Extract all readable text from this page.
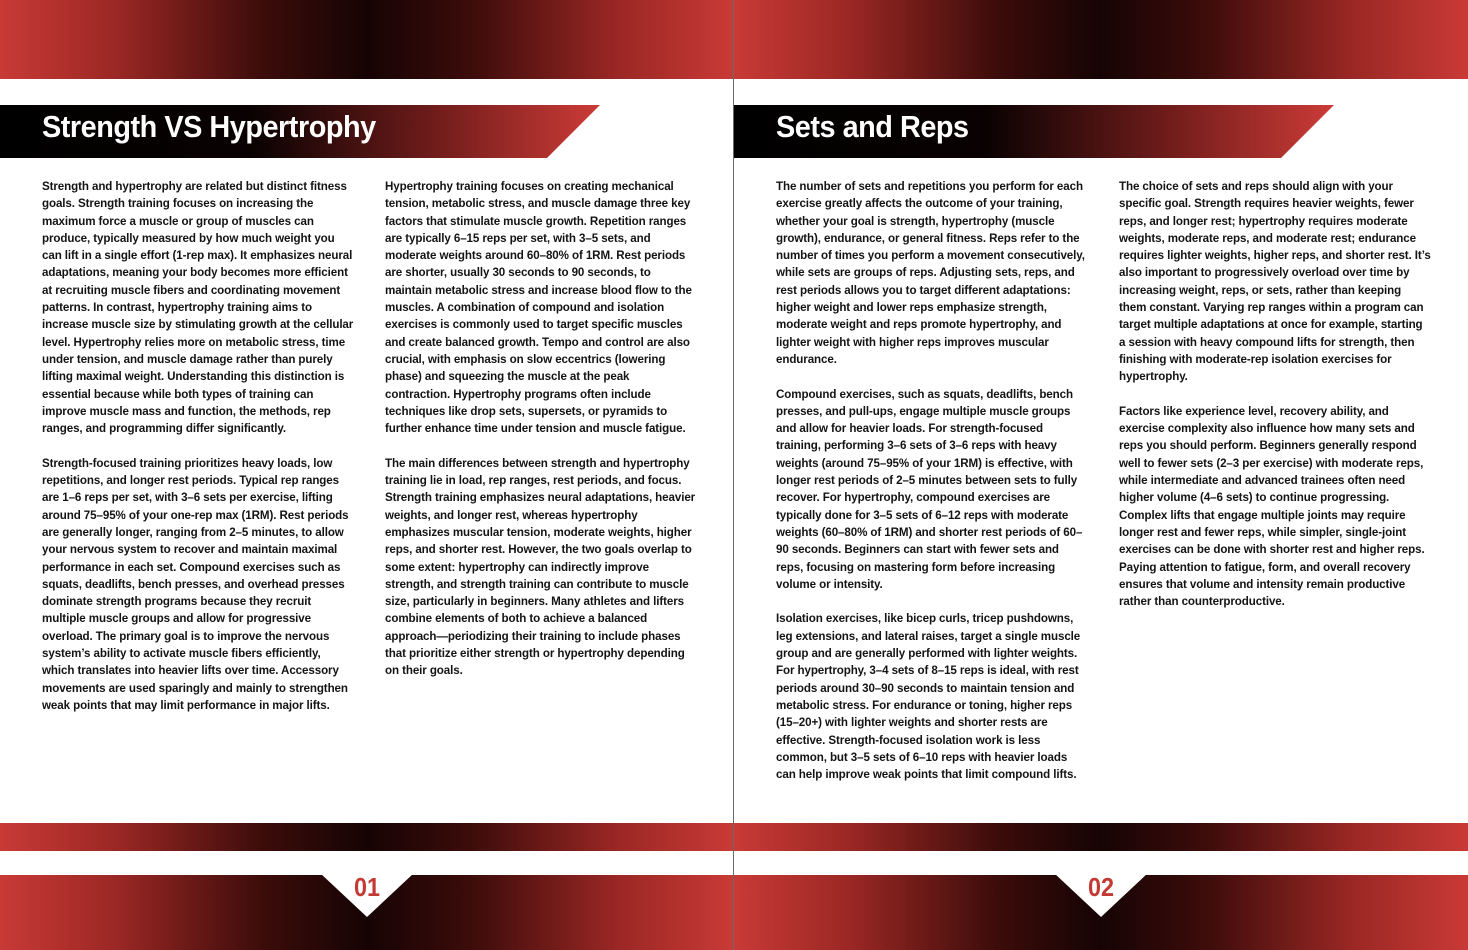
Strength VS Hypertrophy

Strength and hypertrophy are related but distinct fitness goals. Strength training focuses on increasing the maximum force a muscle or group of muscles can produce, typically measured by how much weight you can lift in a single effort (1-rep max). It emphasizes neural adaptations, meaning your body becomes more efficient at recruiting muscle fibers and coordinating movement patterns. In contrast, hypertrophy training aims to increase muscle size by stimulating growth at the cellular level. Hypertrophy relies more on metabolic stress, time under tension, and muscle damage rather than purely lifting maximal weight. Understanding this distinction is essential because while both types of training can improve muscle mass and function, the methods, rep ranges, and programming differ significantly.

Strength-focused training prioritizes heavy loads, low repetitions, and longer rest periods. Typical rep ranges are 1–6 reps per set, with 3–6 sets per exercise, lifting around 75–95% of your one-rep max (1RM). Rest periods are generally longer, ranging from 2–5 minutes, to allow your nervous system to recover and maintain maximal performance in each set. Compound exercises such as squats, deadlifts, bench presses, and overhead presses dominate strength programs because they recruit multiple muscle groups and allow for progressive overload. The primary goal is to improve the nervous system’s ability to activate muscle fibers efficiently, which translates into heavier lifts over time. Accessory movements are used sparingly and mainly to strengthen weak points that may limit performance in major lifts.

Hypertrophy training focuses on creating mechanical tension, metabolic stress, and muscle damage three key factors that stimulate muscle growth. Repetition ranges are typically 6–15 reps per set, with 3–5 sets, and moderate weights around 60–80% of 1RM. Rest periods are shorter, usually 30 seconds to 90 seconds, to maintain metabolic stress and increase blood flow to the muscles. A combination of compound and isolation exercises is commonly used to target specific muscles and create balanced growth. Tempo and control are also crucial, with emphasis on slow eccentrics (lowering phase) and squeezing the muscle at the peak contraction. Hypertrophy programs often include techniques like drop sets, supersets, or pyramids to further enhance time under tension and muscle fatigue.

The main differences between strength and hypertrophy training lie in load, rep ranges, rest periods, and focus. Strength training emphasizes neural adaptations, heavier weights, and longer rest, whereas hypertrophy emphasizes muscular tension, moderate weights, higher reps, and shorter rest. However, the two goals overlap to some extent: hypertrophy can indirectly improve strength, and strength training can contribute to muscle size, particularly in beginners. Many athletes and lifters combine elements of both to achieve a balanced approach—periodizing their training to include phases that prioritize either strength or hypertrophy depending on their goals.

01
Sets and Reps

The number of sets and repetitions you perform for each exercise greatly affects the outcome of your training, whether your goal is strength, hypertrophy (muscle growth), endurance, or general fitness. Reps refer to the number of times you perform a movement consecutively, while sets are groups of reps. Adjusting sets, reps, and rest periods allows you to target different adaptations: higher weight and lower reps emphasize strength, moderate weight and reps promote hypertrophy, and lighter weight with higher reps improves muscular endurance.

Compound exercises, such as squats, deadlifts, bench presses, and pull-ups, engage multiple muscle groups and allow for heavier loads. For strength-focused training, performing 3–6 sets of 3–6 reps with heavy weights (around 75–95% of your 1RM) is effective, with longer rest periods of 2–5 minutes between sets to fully recover. For hypertrophy, compound exercises are typically done for 3–5 sets of 6–12 reps with moderate weights (60–80% of 1RM) and shorter rest periods of 60–90 seconds. Beginners can start with fewer sets and reps, focusing on mastering form before increasing volume or intensity.

Isolation exercises, like bicep curls, tricep pushdowns, leg extensions, and lateral raises, target a single muscle group and are generally performed with lighter weights. For hypertrophy, 3–4 sets of 8–15 reps is ideal, with rest periods around 30–90 seconds to maintain tension and metabolic stress. For endurance or toning, higher reps (15–20+) with lighter weights and shorter rests are effective. Strength-focused isolation work is less common, but 3–5 sets of 6–10 reps with heavier loads can help improve weak points that limit compound lifts.

The choice of sets and reps should align with your specific goal. Strength requires heavier weights, fewer reps, and longer rest; hypertrophy requires moderate weights, moderate reps, and moderate rest; endurance requires lighter weights, higher reps, and shorter rest. It’s also important to progressively overload over time by increasing weight, reps, or sets, rather than keeping them constant. Varying rep ranges within a program can target multiple adaptations at once for example, starting a session with heavy compound lifts for strength, then finishing with moderate-rep isolation exercises for hypertrophy.

Factors like experience level, recovery ability, and exercise complexity also influence how many sets and reps you should perform. Beginners generally respond well to fewer sets (2–3 per exercise) with moderate reps, while intermediate and advanced trainees often need higher volume (4–6 sets) to continue progressing. Complex lifts that engage multiple joints may require longer rest and fewer reps, while simpler, single-joint exercises can be done with shorter rest and higher reps. Paying attention to fatigue, form, and overall recovery ensures that volume and intensity remain productive rather than counterproductive.

02
